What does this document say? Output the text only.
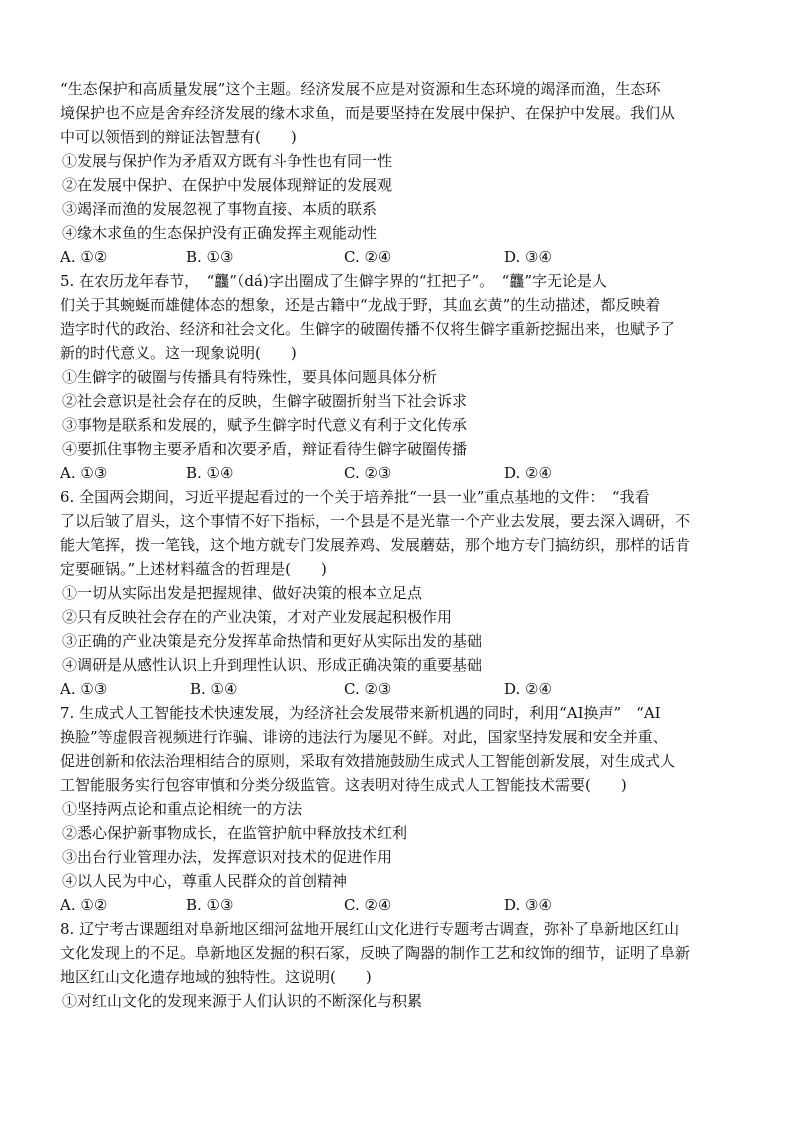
“生态保护和高质量发展”这个主题。经济发展不应是对资源和生态环境的竭泽而渔，生态环
境保护也不应是舍弃经济发展的缘木求鱼，而是要坚持在发展中保护、在保护中发展。我们从
中可以领悟到的辩证法智慧有(　　)
①发展与保护作为矛盾双方既有斗争性也有同一性
②在发展中保护、在保护中发展体现辩证的发展观
③竭泽而渔的发展忽视了事物直接、本质的联系
④缘木求鱼的生态保护没有正确发挥主观能动性
A. ①②	B. ①③	C. ②④	D. ③④
5. 在农历龙年春节，　“龘”（dá)字出圈成了生僻字界的“扛把子”。　“龘”字无论是人
们关于其蜿蜒而雄健体态的想象，还是古籍中“龙战于野，其血玄黄”的生动描述，都反映着
造字时代的政治、经济和社会文化。生僻字的破圈传播不仅将生僻字重新挖掘出来，也赋予了
新的时代意义。这一现象说明(　　)
①生僻字的破圈与传播具有特殊性，要具体问题具体分析
②社会意识是社会存在的反映，生僻字破圈折射当下社会诉求
③事物是联系和发展的，赋予生僻字时代意义有利于文化传承
④要抓住事物主要矛盾和次要矛盾，辩证看待生僻字破圈传播
A. ①③	B. ①④	C. ②③	D. ②④
6. 全国两会期间，习近平提起看过的一个关于培养批“一县一业”重点基地的文件：　“我看
了以后皱了眉头，这个事情不好下指标，一个县是不是光靠一个产业去发展，要去深入调研，不
能大笔挥，拨一笔钱，这个地方就专门发展养鸡、发展蘑菇，那个地方专门搞纺织，那样的话肯
定要砸锅。”上述材料蕴含的哲理是(　　)
①一切从实际出发是把握规律、做好决策的根本立足点
②只有反映社会存在的产业决策，才对产业发展起积极作用
③正确的产业决策是充分发挥革命热情和更好从实际出发的基础
④调研是从感性认识上升到理性认识、形成正确决策的重要基础
A. ①③	B. ①④	C. ②③	D. ②④
7. 生成式人工智能技术快速发展，为经济社会发展带来新机遇的同时，利用“AI换声”　“AI
换脸”等虚假音视频进行诈骗、诽谤的违法行为屡见不鲜。对此，国家坚持发展和安全并重、
促进创新和依法治理相结合的原则，采取有效措施鼓励生成式人工智能创新发展，对生成式人
工智能服务实行包容审慎和分类分级监管。这表明对待生成式人工智能技术需要(　　)
①坚持两点论和重点论相统一的方法
②悉心保护新事物成长，在监管护航中释放技术红利
③出台行业管理办法，发挥意识对技术的促进作用
④以人民为中心，尊重人民群众的首创精神
A. ①②	B. ①③	C. ②④	D. ③④
8. 辽宁考古课题组对阜新地区细河盆地开展红山文化进行专题考古调查，弥补了阜新地区红山
文化发现上的不足。阜新地区发掘的积石冢，反映了陶器的制作工艺和纹饰的细节，证明了阜新
地区红山文化遗存地域的独特性。这说明(　　)
①对红山文化的发现来源于人们认识的不断深化与积累
